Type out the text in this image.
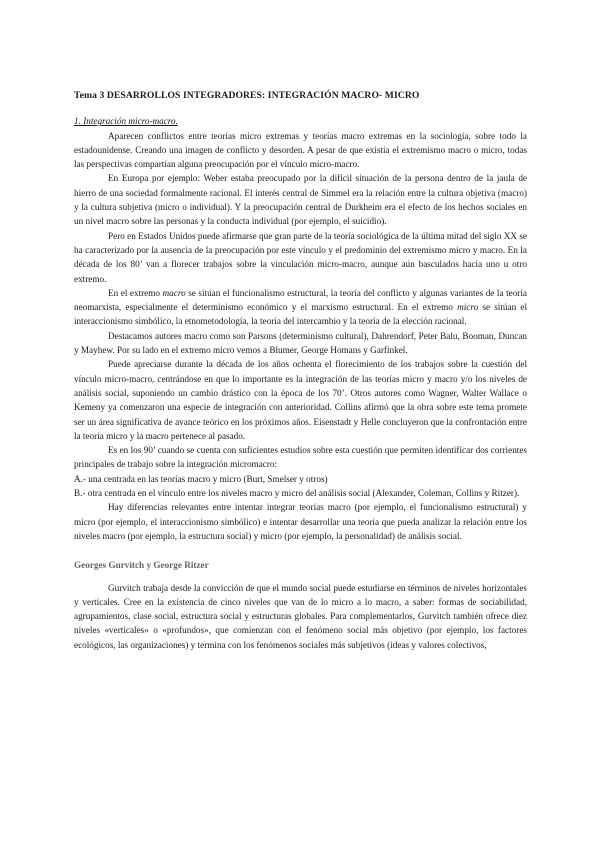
Tema 3 DESARROLLOS INTEGRADORES: INTEGRACIÓN MACRO- MICRO
1. Integración micro-macro.

Aparecen conflictos entre teorías micro extremas y teorías macro extremas en la sociología, sobre todo la estadounidense. Creando una imagen de conflicto y desorden. A pesar de que existía el extremismo macro o micro, todas las perspectivas compartían alguna preocupación por el vínculo micro-macro.

En Europa por ejemplo: Weber estaba preocupado por la difícil situación de la persona dentro de la jaula de hierro de una sociedad formalmente racional. El interés central de Simmel era la relación entre la cultura objetiva (macro) y la cultura subjetiva (micro o individual). Y la preocupación central de Durkheim era el efecto de los hechos sociales en un nivel macro sobre las personas y la conducta individual (por ejemplo, el suicidio).

Pero en Estados Unidos puede afirmarse que gran parte de la teoría sociológica de la última mitad del siglo XX se ha caracterizado por la ausencia de la preocupación por este vínculo y el predominio del extremismo micro y macro. En la década de los 80’ van a florecer trabajos sobre la vinculación micro-macro, aunque aún basculados hacia uno u otro extremo.

En el extremo macro se sitúan el funcionalismo estructural, la teoría del conflicto y algunas variantes de la teoría neomarxista, especialmente el determinismo económico y el marxismo estructural. En el extremo micro se sitúan el interaccionismo simbólico, la etnometodología, la teoría del intercambio y la teoría de la elección racional.

Destacamos autores macro como son Parsons (determinismo cultural), Dahrendorf, Peter Balu, Booman, Duncan y Mayhew. Por su lado en el extremo micro vemos a Blumer, George Homans y Garfinkel.

Puede apreciarse durante la década de los años ochenta el florecimiento de los trabajos sobre la cuestión del vínculo micro-macro, centrándose en que lo importante es la integración de las teorías micro y macro y/o los niveles de análisis social, suponiendo un cambio drástico con la época de los 70’. Otros autores como Wagner, Walter Wallace o Kemeny ya comenzaron una especie de integración con anterioridad. Collins afirmó que la obra sobre este tema promete ser un área significativa de avance teórico en los próximos años. Eisenstadt y Helle concluyeron que la confrontación entre la teoría micro y la macro pertenece al pasado.

Es en los 90’ cuando se cuenta con suficientes estudios sobre esta cuestión que permiten identificar dos corrientes principales de trabajo sobre la integración micromacro:

A.- una centrada en las teorías macro y micro (Burt, Smelser y otros)

B.- otra centrada en el vínculo entre los niveles macro y micro del análisis social (Alexander, Coleman, Collins y Ritzer).

Hay diferencias relevantes entre intentar integrar teorías macro (por ejemplo, el funcionalismo estructural) y micro (por ejemplo, el interaccionismo simbólico) e intentar desarrollar una teoría que pueda analizar la relación entre los niveles macro (por ejemplo, la estructura social) y micro (por ejemplo, la personalidad) de análisis social.

Georges Gurvitch y George Ritzer

Gurvitch trabaja desde la convicción de que el mundo social puede estudiarse en términos de niveles horizontales y verticales. Cree en la existencia de cinco niveles que van de lo micro a lo macro, a saber: formas de sociabilidad, agrupamientos, clase social, estructura social y estructuras globales. Para complementarlos, Gurvitch también ofrece diez niveles «verticales» o «profundos», que comienzan con el fenómeno social más objetivo (por ejemplo, los factores ecológicos, las organizaciones) y termina con los fenómenos sociales más subjetivos (ideas y valores colectivos,
